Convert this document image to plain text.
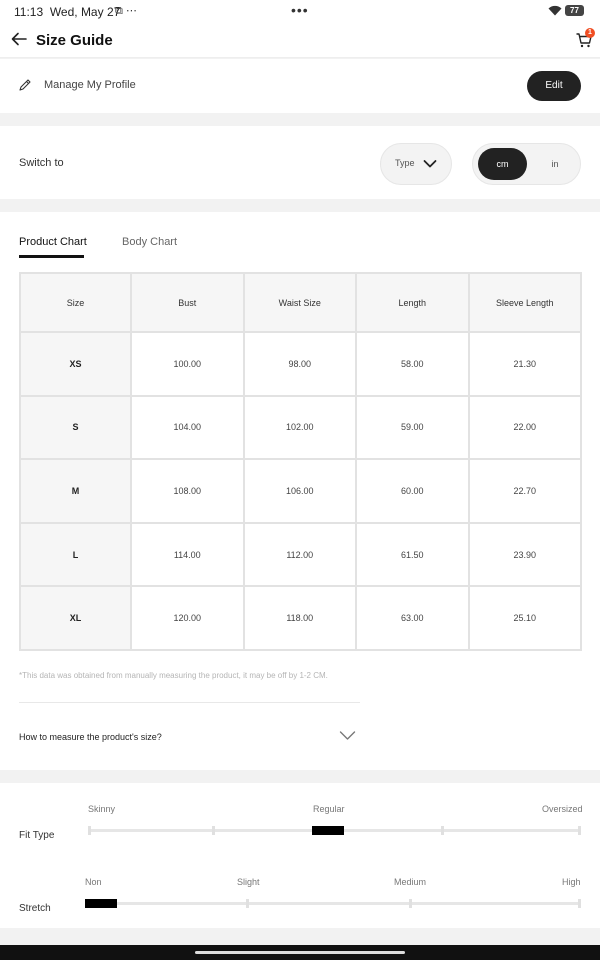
11:13 Wed, May 27
⧉ ⋯	•••	77
Size Guide	1
Manage My Profile	Edit
Switch to	Type	cm	in
Product Chart	Body Chart
Size	Bust	Waist Size	Length	Sleeve Length
XS	100.00	98.00	58.00	21.30
S	104.00	102.00	59.00	22.00
M	108.00	106.00	60.00	22.70
L	114.00	112.00	61.50	23.90
XL	120.00	118.00	63.00	25.10
*This data was obtained from manually measuring the product, it may be off by 1-2 CM.
How to measure the product's size?
Fit Type
Skinny	Regular	Oversized
Stretch
Non	Slight	Medium	High
